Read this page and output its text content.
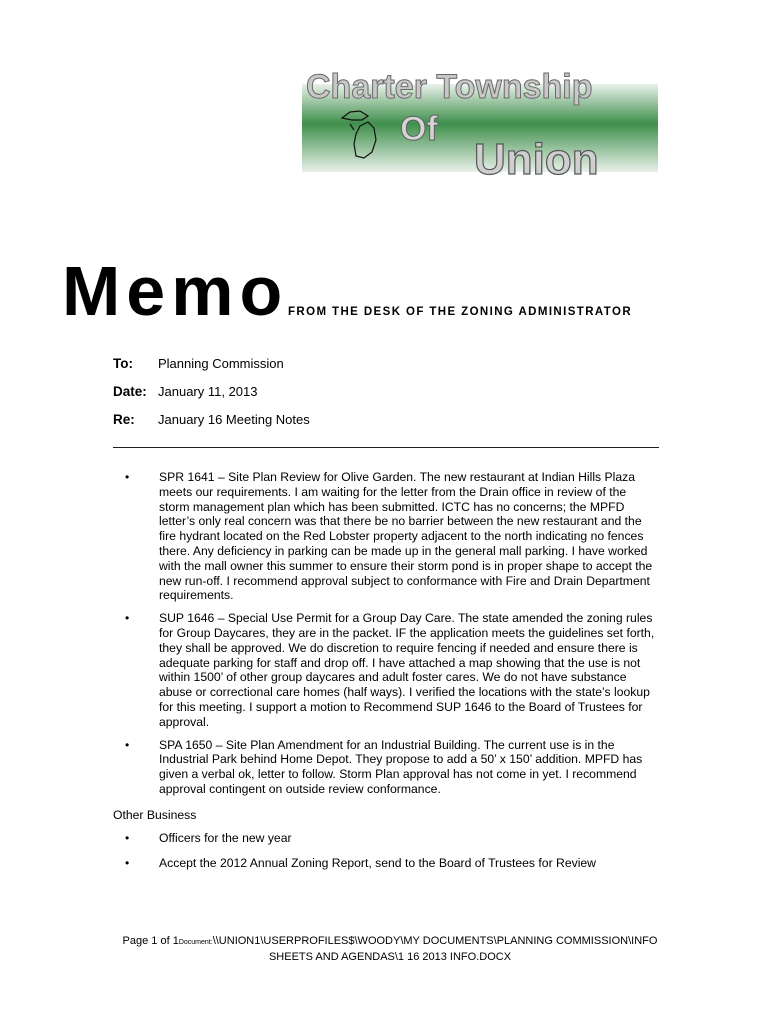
Charter Township
Of
Union
Memo FROM THE DESK OF THE ZONING ADMINISTRATOR
To:	Planning Commission
Date: January 11, 2013
Re:	January 16 Meeting Notes
• SPR 1641 – Site Plan Review for Olive Garden. The new restaurant at Indian Hills Plaza meets our requirements. I am waiting for the letter from the Drain office in review of the storm management plan which has been submitted. ICTC has no concerns; the MPFD letter’s only real concern was that there be no barrier between the new restaurant and the fire hydrant located on the Red Lobster property adjacent to the north indicating no fences there. Any deficiency in parking can be made up in the general mall parking. I have worked with the mall owner this summer to ensure their storm pond is in proper shape to accept the new run-off. I recommend approval subject to conformance with Fire and Drain Department requirements.
• SUP 1646 – Special Use Permit for a Group Day Care. The state amended the zoning rules for Group Daycares, they are in the packet. IF the application meets the guidelines set forth, they shall be approved. We do discretion to require fencing if needed and ensure there is adequate parking for staff and drop off. I have attached a map showing that the use is not within 1500’ of other group daycares and adult foster cares. We do not have substance abuse or correctional care homes (half ways). I verified the locations with the state’s lookup for this meeting. I support a motion to Recommend SUP 1646 to the Board of Trustees for approval.
• SPA 1650 – Site Plan Amendment for an Industrial Building. The current use is in the Industrial Park behind Home Depot. They propose to add a 50’ x 150’ addition. MPFD has given a verbal ok, letter to follow. Storm Plan approval has not come in yet. I recommend approval contingent on outside review conformance.
Other Business
• Officers for the new year
• Accept the 2012 Annual Zoning Report, send to the Board of Trustees for Review
Page 1 of 1Document:\\UNION1\USERPROFILES$\WOODY\MY DOCUMENTS\PLANNING COMMISSION\INFO
SHEETS AND AGENDAS\1 16 2013 INFO.DOCX
